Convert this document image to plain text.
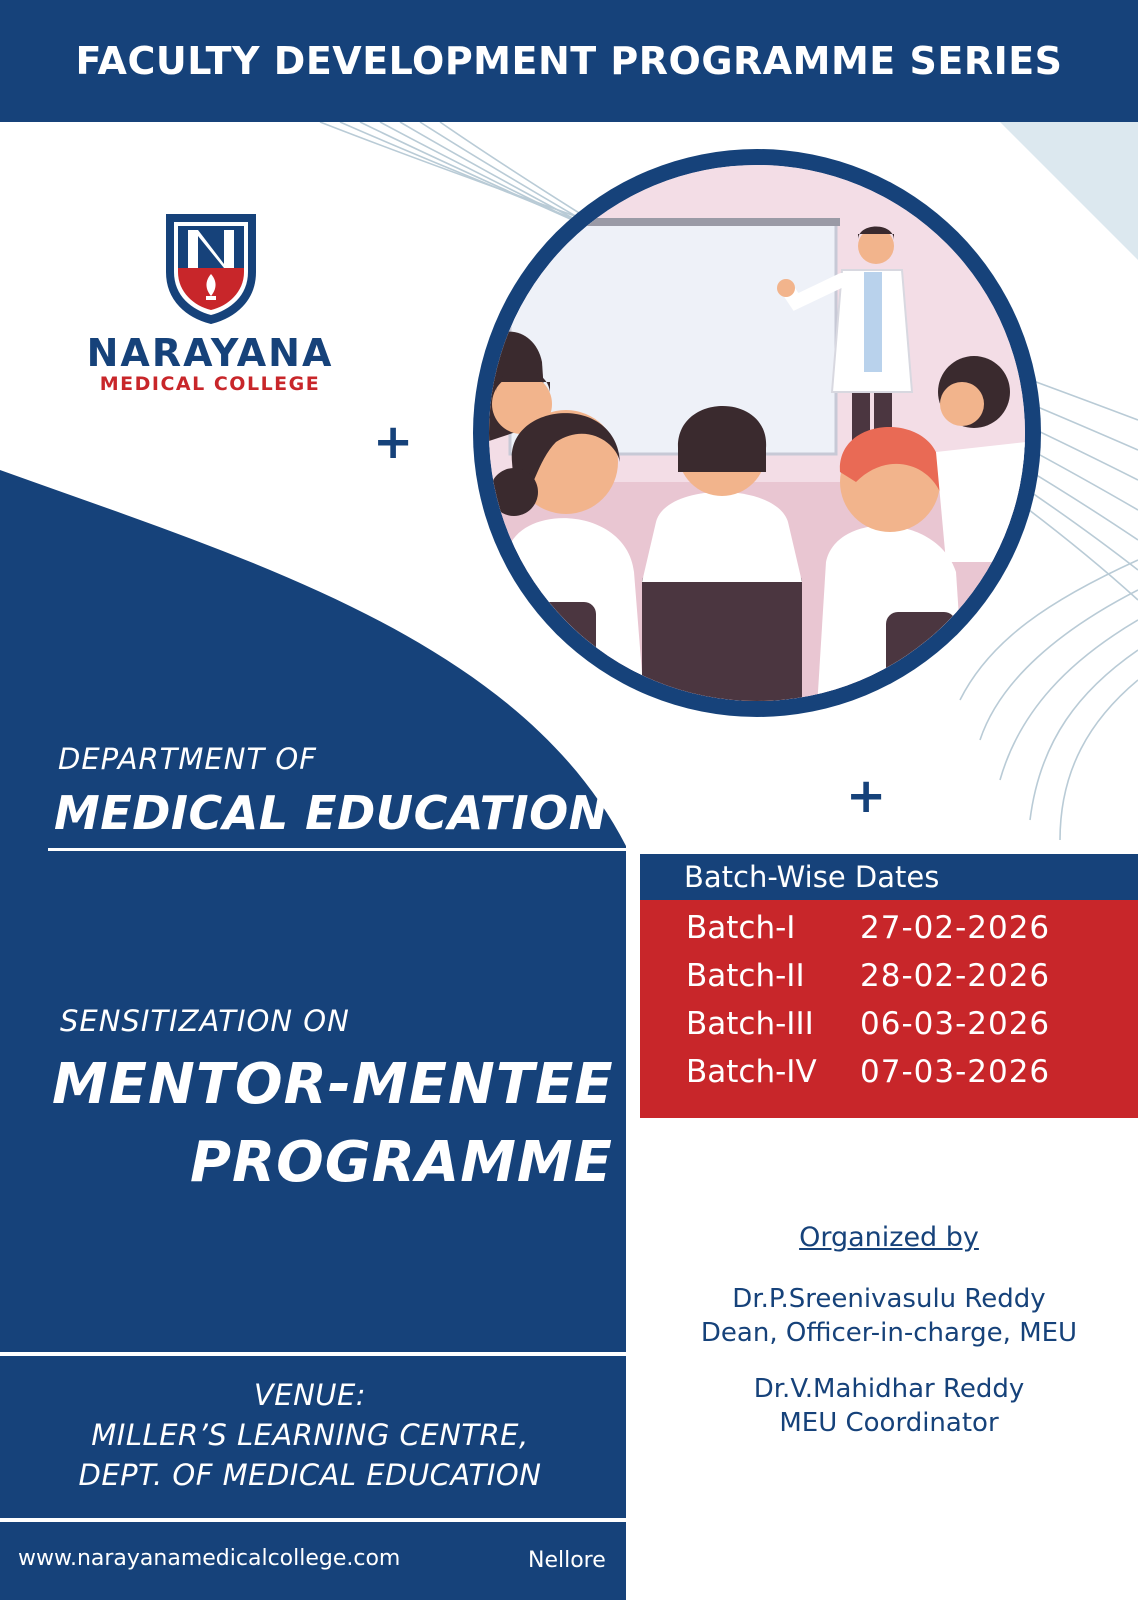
FACULTY DEVELOPMENT PROGRAMME SERIES
NARAYANA
MEDICAL COLLEGE
+
+
DEPARTMENT OF
MEDICAL EDUCATION
Batch-Wise Dates
Batch-I 27-02-2026
Batch-II 28-02-2026
Batch-III 06-03-2026
Batch-IV 07-03-2026
SENSITIZATION ON
MENTOR-MENTEE
PROGRAMME
Organized by
Dr.P.Sreenivasulu Reddy
Dean, Officer-in-charge, MEU
Dr.V.Mahidhar Reddy
MEU Coordinator
VENUE:
MILLER’S LEARNING CENTRE,
DEPT. OF MEDICAL EDUCATION
www.narayanamedicalcollege.com	Nellore
